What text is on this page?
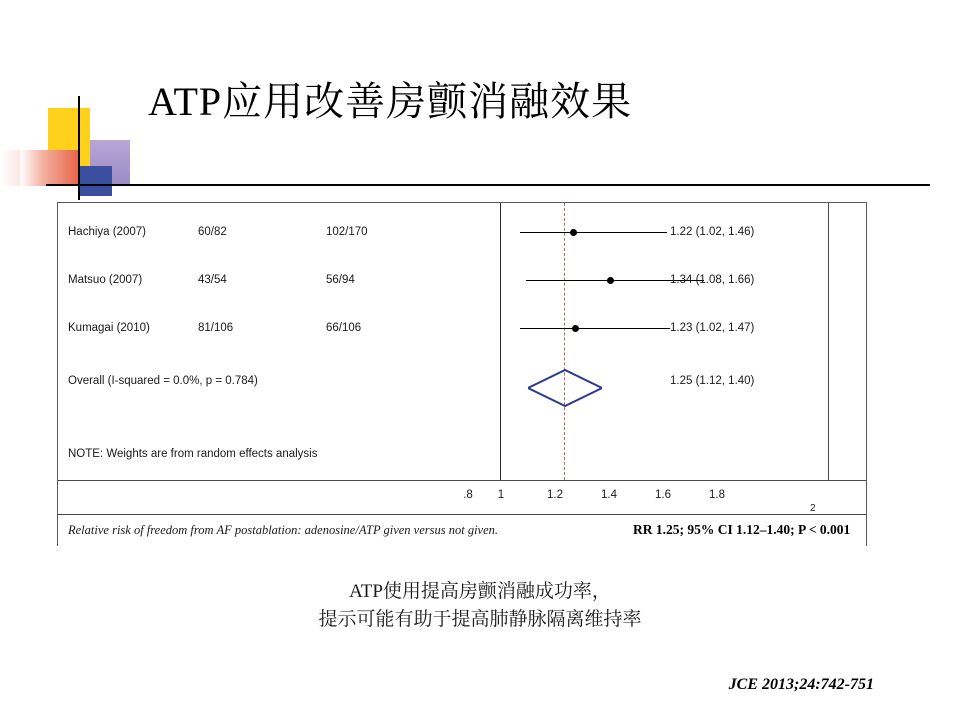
ATP应用改善房颤消融效果
Hachiya (2007)	60/82	102/170	1.22 (1.02, 1.46)
Matsuo (2007)	43/54	56/94	1.34 (1.08, 1.66)
Kumagai (2010)	81/106	66/106	1.23 (1.02, 1.47)
Overall (I-squared = 0.0%, p = 0.784)	1.25 (1.12, 1.40)
NOTE: Weights are from random effects analysis
.8 1	1.2	1.4	1.6	1.8
2
Relative risk of freedom from AF postablation: adenosine/ATP given versus not given.	RR 1.25; 95% CI 1.12–1.40; P < 0.001
ATP使用提高房颤消融成功率，
提示可能有助于提高肺静脉隔离维持率
JCE 2013;24:742-751
